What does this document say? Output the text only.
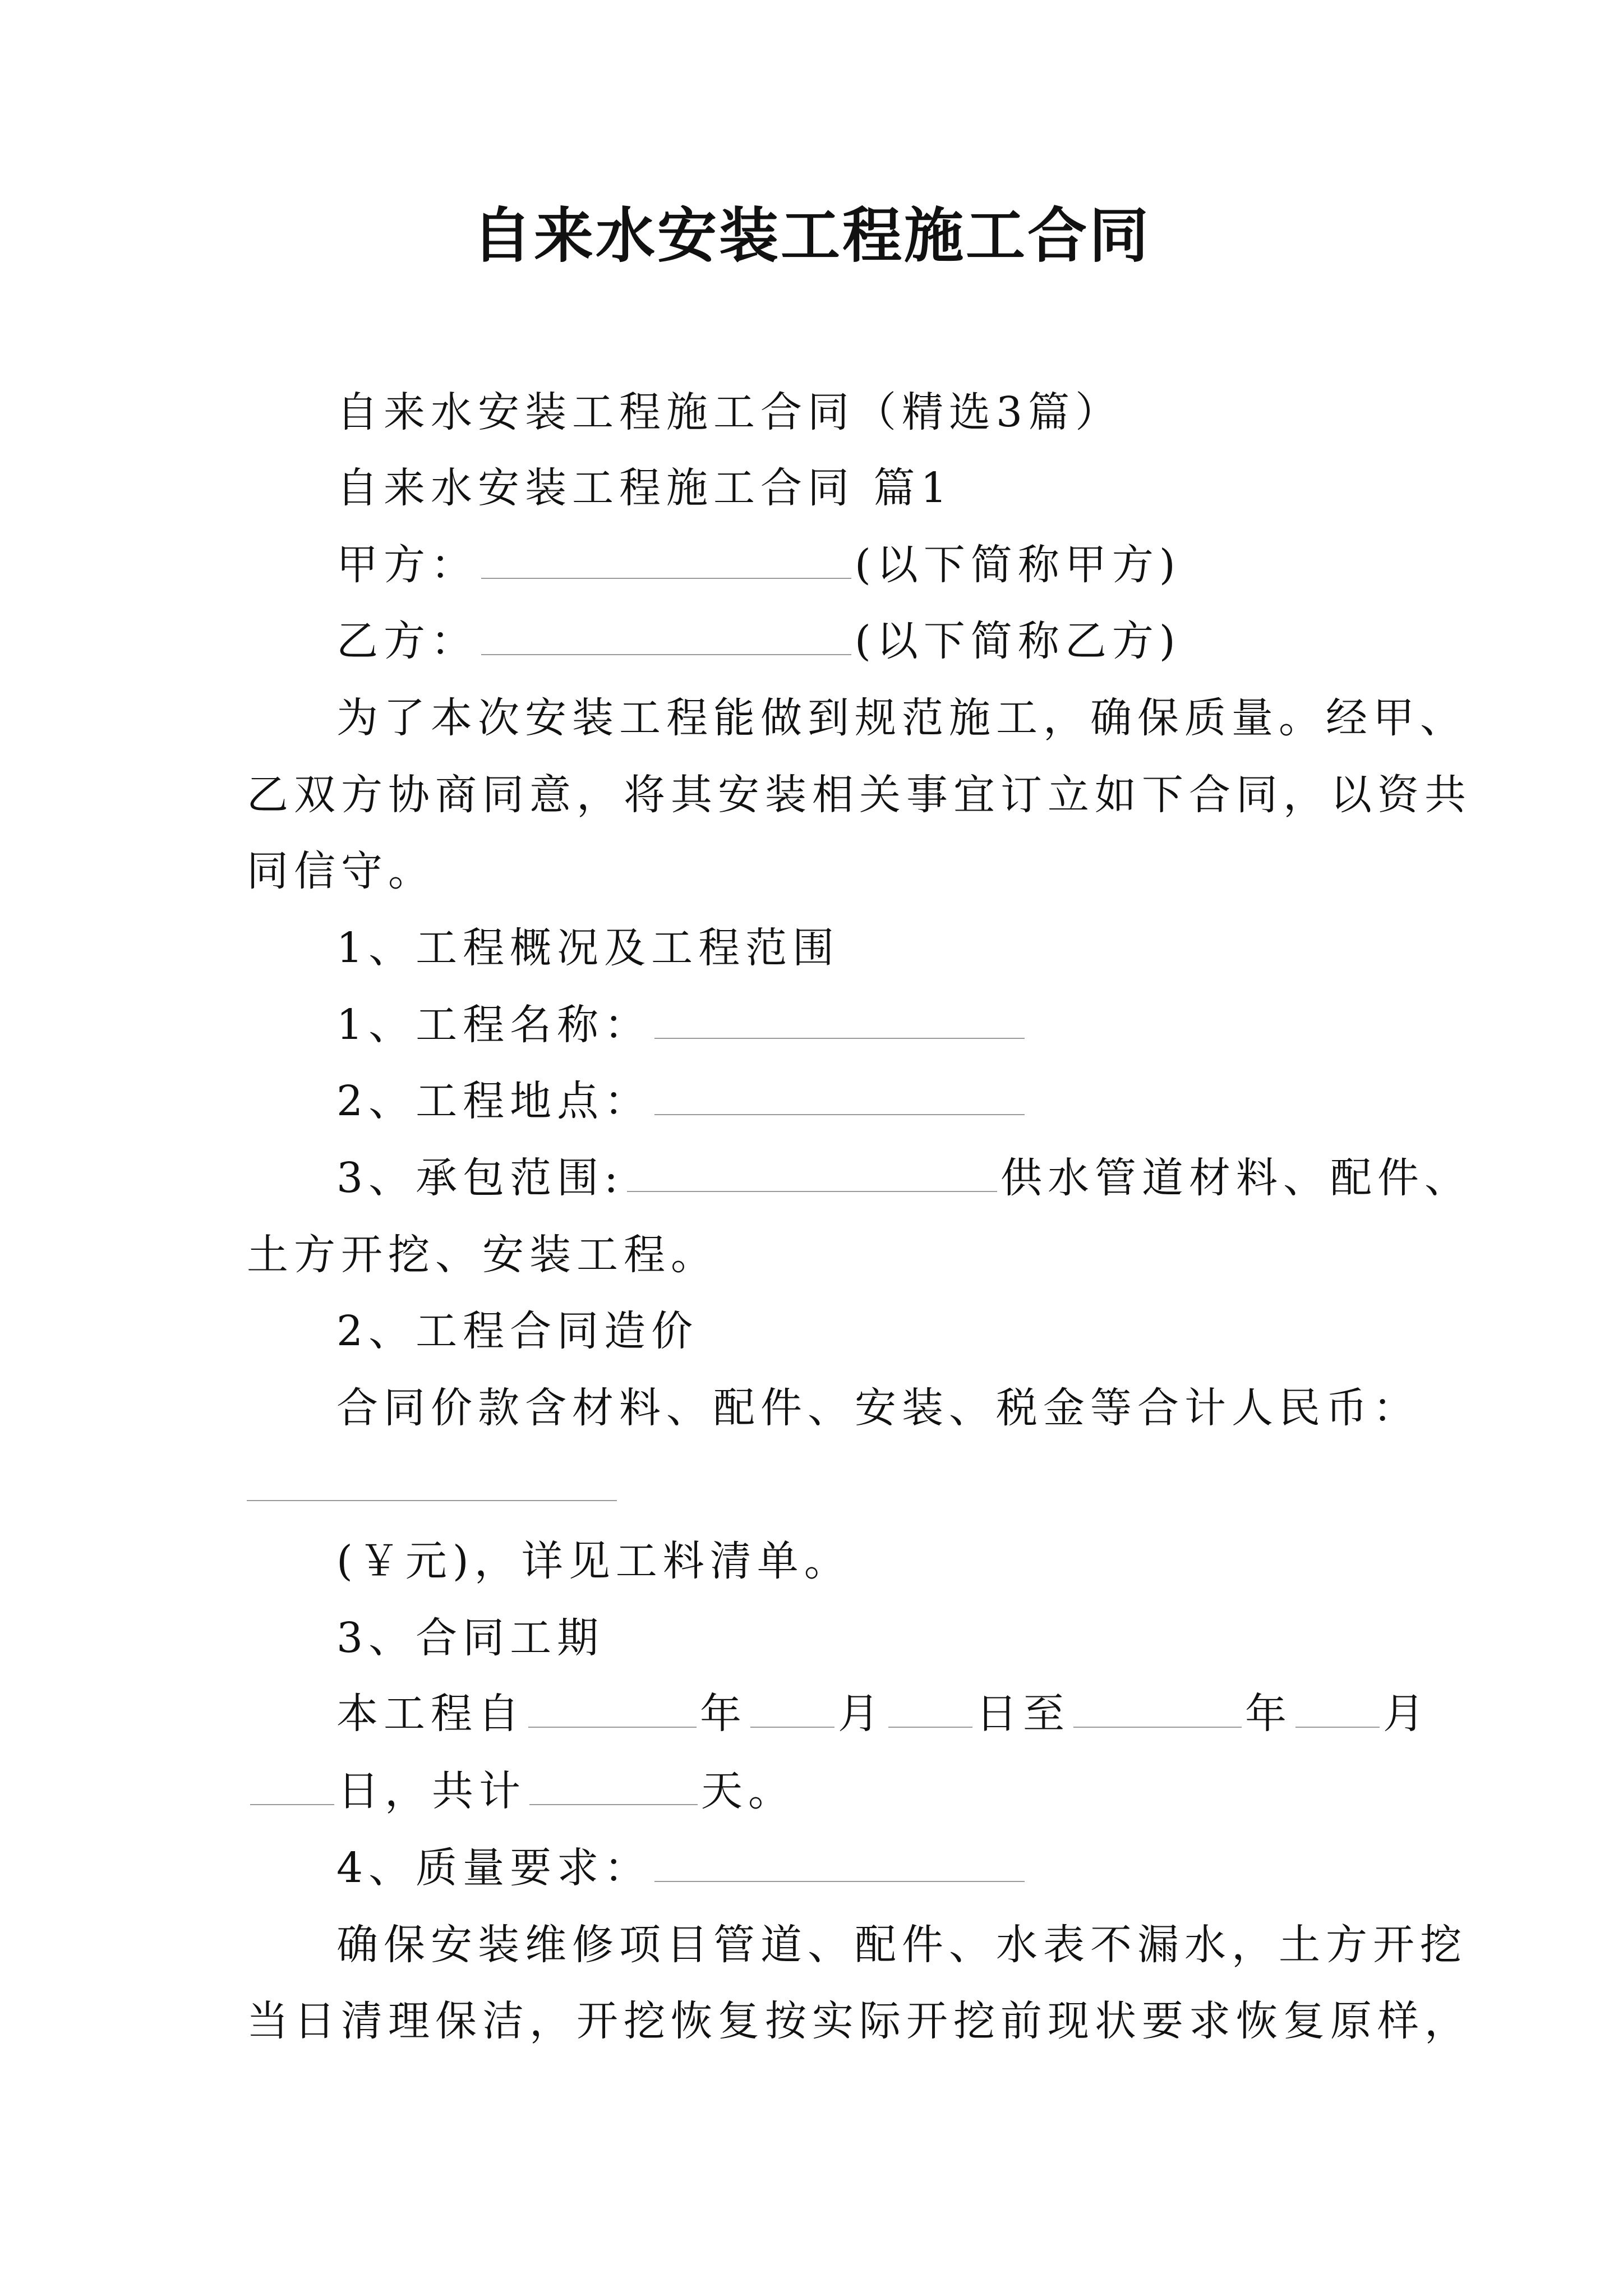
自来水安装工程施工合同
自来水安装工程施工合同（精选3篇）
自来水安装工程施工合同 篇1
甲方：	(以下简称甲方)
乙方：	(以下简称乙方)
为了本次安装工程能做到规范施工，确保质量。经甲、
乙双方协商同意，将其安装相关事宜订立如下合同，以资共
同信守。
1、工程概况及工程范围
1、工程名称：
2、工程地点：
3、承包范围:	供水管道材料、配件、
土方开挖、安装工程。
2、工程合同造价
合同价款含材料、配件、安装、税金等合计人民币：
(￥元)，详见工料清单。
3、合同工期
本工程自	年 月 日至	年 月
日，共计	天。
4、质量要求：
确保安装维修项目管道、配件、水表不漏水，土方开挖
当日清理保洁，开挖恢复按实际开挖前现状要求恢复原样，
